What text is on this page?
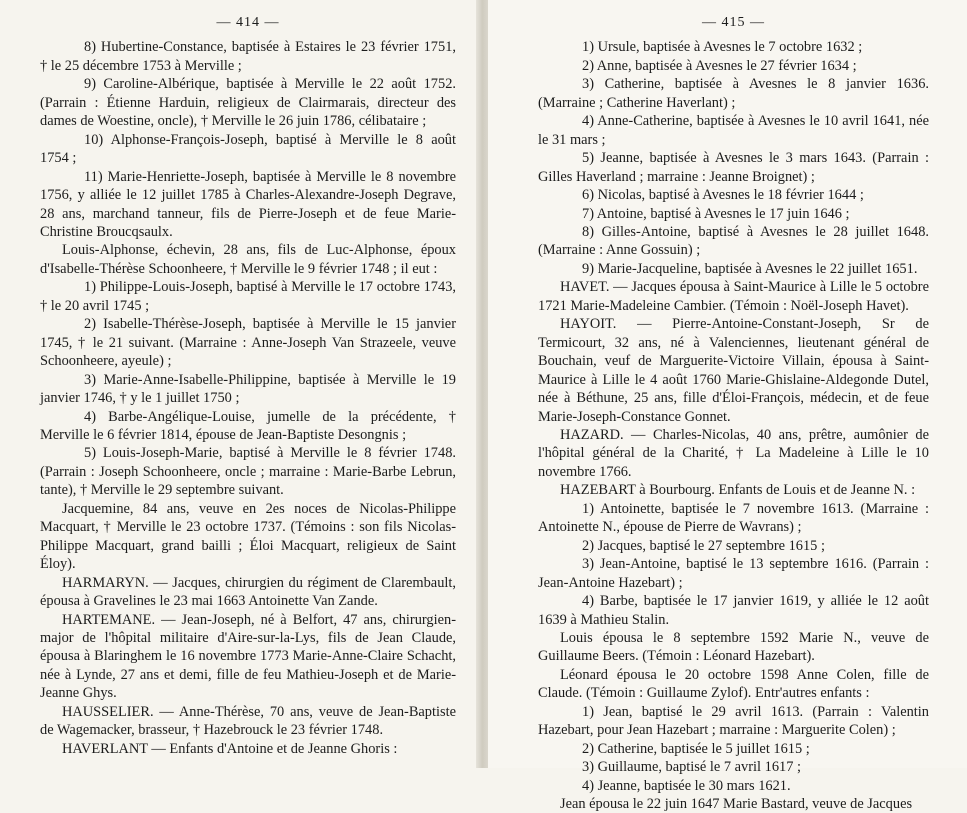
— 414 —

8) Hubertine-Constance, baptisée à Estaires le 23 février 1751, † le 25 décembre 1753 à Merville ;

9) Caroline-Albérique, baptisée à Merville le 22 août 1752. (Parrain : Étienne Harduin, religieux de Clairmarais, directeur des dames de Woestine, oncle), † Merville le 26 juin 1786, célibataire ;

10) Alphonse-François-Joseph, baptisé à Merville le 8 août 1754 ;

11) Marie-Henriette-Joseph, baptisée à Merville le 8 novembre 1756, y alliée le 12 juillet 1785 à Charles-Alexandre-Joseph Degrave, 28 ans, marchand tanneur, fils de Pierre-Joseph et de feue Marie-Christine Broucqsaulx.

Louis-Alphonse, échevin, 28 ans, fils de Luc-Alphonse, époux d'Isabelle-Thérèse Schoonheere, † Merville le 9 février 1748 ; il eut :

1) Philippe-Louis-Joseph, baptisé à Merville le 17 octobre 1743, † le 20 avril 1745 ;

2) Isabelle-Thérèse-Joseph, baptisée à Merville le 15 janvier 1745, † le 21 suivant. (Marraine : Anne-Joseph Van Strazeele, veuve Schoonheere, ayeule) ;

3) Marie-Anne-Isabelle-Philippine, baptisée à Merville le 19 janvier 1746, † y le 1 juillet 1750 ;

4) Barbe-Angélique-Louise, jumelle de la précédente, † Merville le 6 février 1814, épouse de Jean-Baptiste Desongnis ;

5) Louis-Joseph-Marie, baptisé à Merville le 8 février 1748. (Parrain : Joseph Schoonheere, oncle ; marraine : Marie-Barbe Lebrun, tante), † Merville le 29 septembre suivant.

Jacquemine, 84 ans, veuve en 2es noces de Nicolas-Philippe Macquart, † Merville le 23 octobre 1737. (Témoins : son fils Nicolas-Philippe Macquart, grand bailli ; Éloi Macquart, religieux de Saint Éloy).

HARMARYN. — Jacques, chirurgien du régiment de Clarembault, épousa à Gravelines le 23 mai 1663 Antoinette Van Zande.

HARTEMANE. — Jean-Joseph, né à Belfort, 47 ans, chirurgien-major de l'hôpital militaire d'Aire-sur-la-Lys, fils de Jean Claude, épousa à Blaringhem le 16 novembre 1773 Marie-Anne-Claire Schacht, née à Lynde, 27 ans et demi, fille de feu Mathieu-Joseph et de Marie-Jeanne Ghys.

HAUSSELIER. — Anne-Thérèse, 70 ans, veuve de Jean-Baptiste de Wagemacker, brasseur, † Hazebrouck le 23 février 1748.

HAVERLANT — Enfants d'Antoine et de Jeanne Ghoris :

— 415 —

1) Ursule, baptisée à Avesnes le 7 octobre 1632 ;

2) Anne, baptisée à Avesnes le 27 février 1634 ;

3) Catherine, baptisée à Avesnes le 8 janvier 1636. (Marraine ; Catherine Haverlant) ;

4) Anne-Catherine, baptisée à Avesnes le 10 avril 1641, née le 31 mars ;

5) Jeanne, baptisée à Avesnes le 3 mars 1643. (Parrain : Gilles Haverland ; marraine : Jeanne Broignet) ;

6) Nicolas, baptisé à Avesnes le 18 février 1644 ;

7) Antoine, baptisé à Avesnes le 17 juin 1646 ;

8) Gilles-Antoine, baptisé à Avesnes le 28 juillet 1648. (Marraine : Anne Gossuin) ;

9) Marie-Jacqueline, baptisée à Avesnes le 22 juillet 1651.

HAVET. — Jacques épousa à Saint-Maurice à Lille le 5 octobre 1721 Marie-Madeleine Cambier. (Témoin : Noël-Joseph Havet).

HAYOIT. — Pierre-Antoine-Constant-Joseph, Sr de Termicourt, 32 ans, né à Valenciennes, lieutenant général de Bouchain, veuf de Marguerite-Victoire Villain, épousa à Saint-Maurice à Lille le 4 août 1760 Marie-Ghislaine-Aldegonde Dutel, née à Béthune, 25 ans, fille d'Éloi-François, médecin, et de feue Marie-Joseph-Constance Gonnet.

HAZARD. — Charles-Nicolas, 40 ans, prêtre, aumônier de l'hôpital général de la Charité, † La Madeleine à Lille le 10 novembre 1766.

HAZEBART à Bourbourg. Enfants de Louis et de Jeanne N. :

1) Antoinette, baptisée le 7 novembre 1613. (Marraine : Antoinette N., épouse de Pierre de Wavrans) ;

2) Jacques, baptisé le 27 septembre 1615 ;

3) Jean-Antoine, baptisé le 13 septembre 1616. (Parrain : Jean-Antoine Hazebart) ;

4) Barbe, baptisée le 17 janvier 1619, y alliée le 12 août 1639 à Mathieu Stalin.

Louis épousa le 8 septembre 1592 Marie N., veuve de Guillaume Beers. (Témoin : Léonard Hazebart).

Léonard épousa le 20 octobre 1598 Anne Colen, fille de Claude. (Témoin : Guillaume Zylof). Entr'autres enfants :

1) Jean, baptisé le 29 avril 1613. (Parrain : Valentin Hazebart, pour Jean Hazebart ; marraine : Marguerite Colen) ;

2) Catherine, baptisée le 5 juillet 1615 ;

3) Guillaume, baptisé le 7 avril 1617 ;

4) Jeanne, baptisée le 30 mars 1621.

Jean épousa le 22 juin 1647 Marie Bastard, veuve de Jacques
